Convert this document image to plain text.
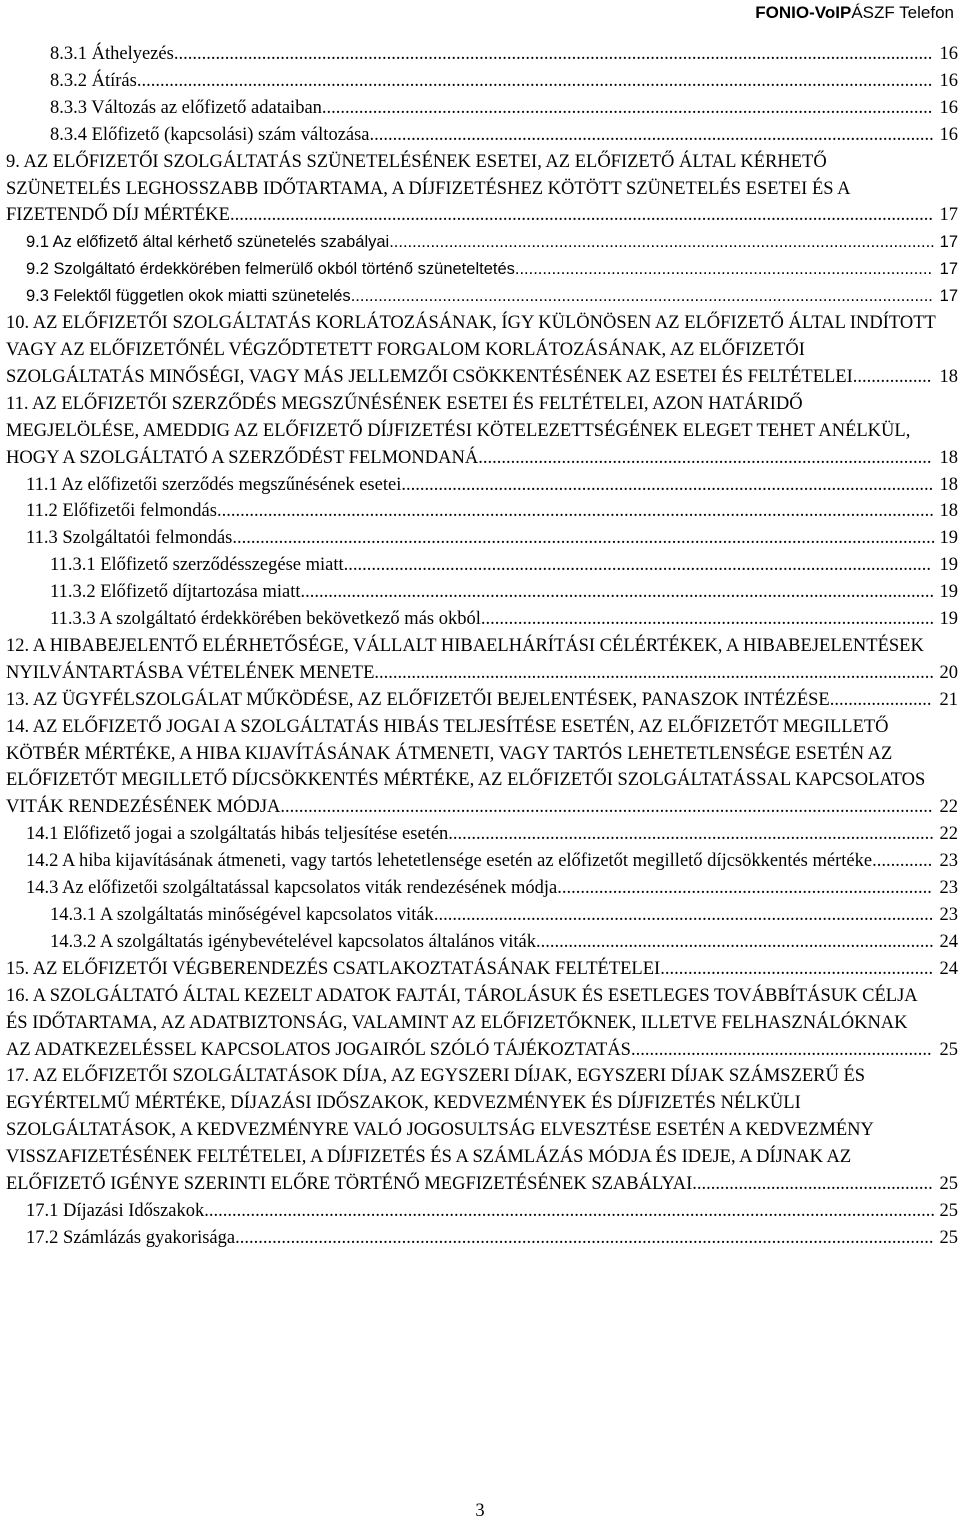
FONIO-VoIPÁSZF Telefon
8.3.1 Áthelyezés.................................................................................................................................................................... 16
8.3.2 Átírás............................................................................................................................................................................ 16
8.3.3 Változás az előfizető adataiban.................................................................................................................................... 16
8.3.4 Előfizető (kapcsolási) szám változása.......................................................................................................................... 16
9. AZ ELŐFIZETŐI SZOLGÁLTATÁS SZÜNETELÉSÉNEK ESETEI, AZ ELŐFIZETŐ ÁLTAL KÉRHETŐ SZÜNETELÉS LEGHOSSZABB IDŐTARTAMA, A DÍJFIZETÉSHEZ KÖTÖTT SZÜNETELÉS ESETEI ÉS A FIZETENDŐ DÍJ MÉRTÉKE........................................................................................................................................................ 17
9.1 Az előfizető által kérhető szünetelés szabályai....................................................................................................................... 17
9.2 Szolgáltató érdekkörében felmerülő okból történő szüneteltetés........................................................................................... 17
9.3 Felektől független okok miatti szünetelés............................................................................................................................... 17
10. AZ ELŐFIZETŐI SZOLGÁLTATÁS KORLÁTOZÁSÁNAK, ÍGY KÜLÖNÖSEN AZ ELŐFIZETŐ ÁLTAL INDÍTOTT VAGY AZ ELŐFIZETŐNÉL VÉGZŐDTETETT FORGALOM KORLÁTOZÁSÁNAK, AZ ELŐFIZETŐI SZOLGÁLTATÁS MINŐSÉGI, VAGY MÁS JELLEMZŐI CSÖKKENTÉSÉNEK AZ ESETEI ÉS FELTÉTELEI................. 18
11. AZ ELŐFIZETŐI SZERZŐDÉS MEGSZŰNÉSÉNEK ESETEI ÉS FELTÉTELEI, AZON HATÁRIDŐ MEGJELÖLÉSE, AMEDDIG AZ ELŐFIZETŐ DÍJFIZETÉSI KÖTELEZETTSÉGÉNEK ELEGET TEHET ANÉLKÜL, HOGY A SZOLGÁLTATÓ A SZERZŐDÉST FELMONDANÁ.................................................................................................. 18
11.1 Az előfizetői szerződés megszűnésének esetei................................................................................................................... 18
11.2 Előfizetői felmondás........................................................................................................................................................... 18
11.3 Szolgáltatói felmondás........................................................................................................................................................ 19
11.3.1 Előfizető szerződésszegése miatt............................................................................................................................... 19
11.3.2 Előfizető díjtartozása miatt......................................................................................................................................... 19
11.3.3 A szolgáltató érdekkörében bekövetkező más okból.................................................................................................. 19
12. A HIBABEJELENTŐ ELÉRHETŐSÉGE, VÁLLALT HIBAELHÁRÍTÁSI CÉLÉRTÉKEK, A HIBABEJELENTÉSEK NYILVÁNTARTÁSBA VÉTELÉNEK MENETE......................................................................................................................... 20
13. AZ ÜGYFÉLSZOLGÁLAT MŰKÖDÉSE, AZ ELŐFIZETŐI BEJELENTÉSEK, PANASZOK INTÉZÉSE...................... 21
14. AZ ELŐFIZETŐ JOGAI A SZOLGÁLTATÁS HIBÁS TELJESÍTÉSE ESETÉN, AZ ELŐFIZETŐT MEGILLETŐ KÖTBÉR MÉRTÉKE, A HIBA KIJAVÍTÁSÁNAK ÁTMENETI, VAGY TARTÓS LEHETETLENSÉGE ESETÉN AZ ELŐFIZETŐT MEGILLETŐ DÍJCSÖKKENTÉS MÉRTÉKE, AZ ELŐFIZETŐI SZOLGÁLTATÁSSAL KAPCSOLATOS VITÁK RENDEZÉSÉNEK MÓDJA............................................................................................................................................. 22
14.1 Előfizető jogai a szolgáltatás hibás teljesítése esetén......................................................................................................... 22
14.2 A hiba kijavításának átmeneti, vagy tartós lehetetlensége esetén az előfizetőt megillető díjcsökkentés mértéke............. 23
14.3 Az előfizetői szolgáltatással kapcsolatos viták rendezésének módja................................................................................. 23
14.3.1 A szolgáltatás minőségével kapcsolatos viták............................................................................................................ 23
14.3.2 A szolgáltatás igénybevételével kapcsolatos általános viták...................................................................................... 24
15. AZ ELŐFIZETŐI VÉGBERENDEZÉS CSATLAKOZTATÁSÁNAK FELTÉTELEI........................................................... 24
16. A SZOLGÁLTATÓ ÁLTAL KEZELT ADATOK FAJTÁI, TÁROLÁSUK ÉS ESETLEGES TOVÁBBÍTÁSUK CÉLJA ÉS IDŐTARTAMA, AZ ADATBIZTONSÁG, VALAMINT AZ ELŐFIZETŐKNEK, ILLETVE FELHASZNÁLÓKNAK AZ ADATKEZELÉSSEL KAPCSOLATOS JOGAIRÓL SZÓLÓ TÁJÉKOZTATÁS................................................................. 25
17. AZ ELŐFIZETŐI SZOLGÁLTATÁSOK DÍJA, AZ EGYSZERI DÍJAK, EGYSZERI DÍJAK SZÁMSZERŰ ÉS EGYÉRTELMŰ MÉRTÉKE, DÍJAZÁSI IDŐSZAKOK, KEDVEZMÉNYEK ÉS DÍJFIZETÉS NÉLKÜLI SZOLGÁLTATÁSOK, A KEDVEZMÉNYRE VALÓ JOGOSULTSÁG ELVESZTÉSE ESETÉN A KEDVEZMÉNY VISSZAFIZETÉSÉNEK FELTÉTELEI, A DÍJFIZETÉS ÉS A SZÁMLÁZÁS MÓDJA ÉS IDEJE, A DÍJNAK AZ ELŐFIZETŐ IGÉNYE SZERINTI ELŐRE TÖRTÉNŐ MEGFIZETÉSÉNEK SZABÁLYAI.................................................... 25
17.1 Díjazási Időszakok.............................................................................................................................................................. 25
17.2 Számlázás gyakorisága....................................................................................................................................................... 25
3
